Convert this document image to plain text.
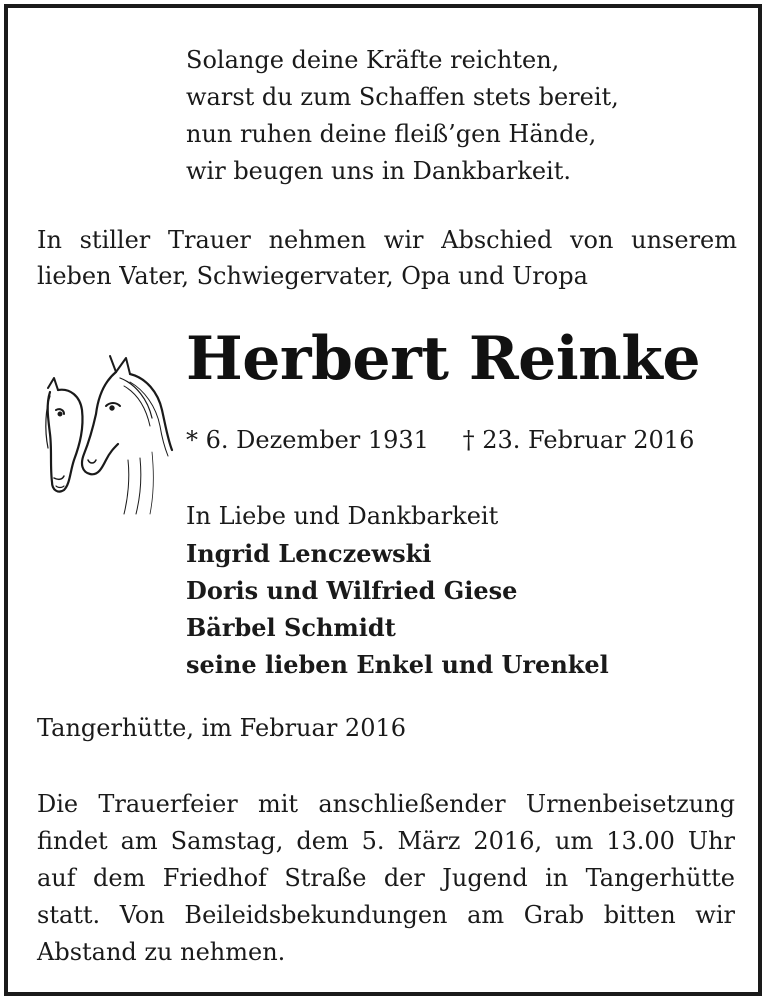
Solange deine Kräfte reichten,
warst du zum Schaffen stets bereit,
nun ruhen deine fleiß’gen Hände,
wir beugen uns in Dankbarkeit.
In stiller Trauer nehmen wir Abschied von unserem
lieben Vater, Schwiegervater, Opa und Uropa
Herbert Reinke
* 6. Dezember 1931 † 23. Februar 2016
In Liebe und Dankbarkeit
Ingrid Lenczewski
Doris und Wilfried Giese
Bärbel Schmidt
seine lieben Enkel und Urenkel
Tangerhütte, im Februar 2016
Die Trauerfeier mit anschließender Urnenbeisetzung
findet am Samstag, dem 5. März 2016, um 13.00 Uhr
auf dem Friedhof Straße der Jugend in Tangerhütte
statt. Von Beileidsbekundungen am Grab bitten wir
Abstand zu nehmen.
